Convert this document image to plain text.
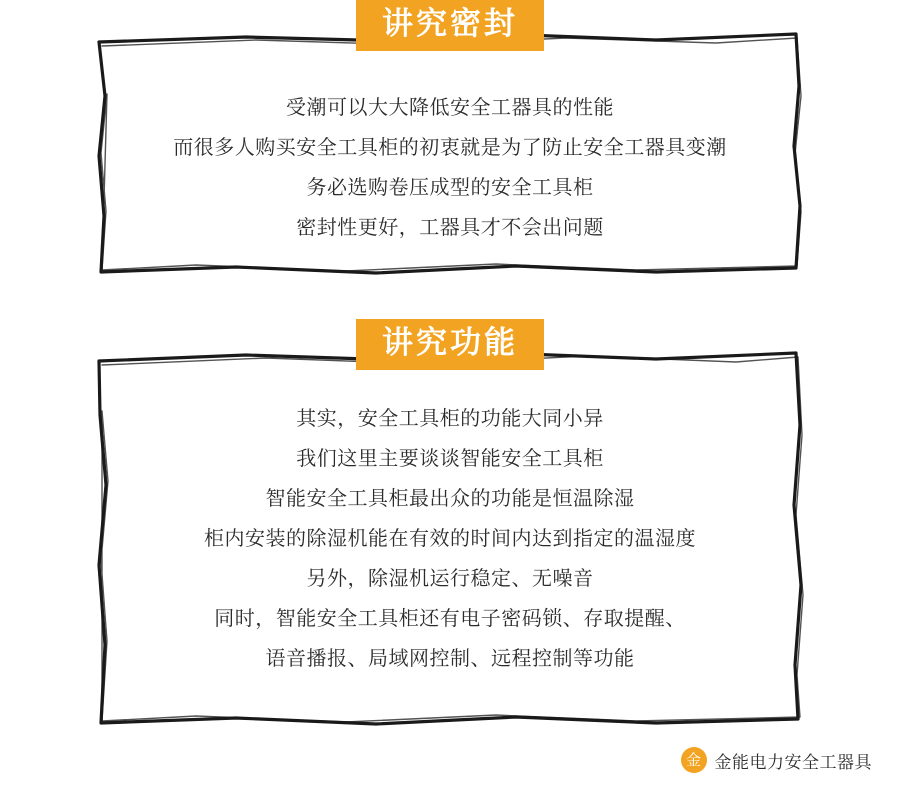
讲究密封
受潮可以大大降低安全工器具的性能
而很多人购买安全工具柜的初衷就是为了防止安全工器具变潮
务必选购卷压成型的安全工具柜
密封性更好，工器具才不会出问题
讲究功能
其实，安全工具柜的功能大同小异
我们这里主要谈谈智能安全工具柜
智能安全工具柜最出众的功能是恒温除湿
柜内安装的除湿机能在有效的时间内达到指定的温湿度
另外，除湿机运行稳定、无噪音
同时，智能安全工具柜还有电子密码锁、存取提醒、
语音播报、局域网控制、远程控制等功能
金 金能电力安全工器具
